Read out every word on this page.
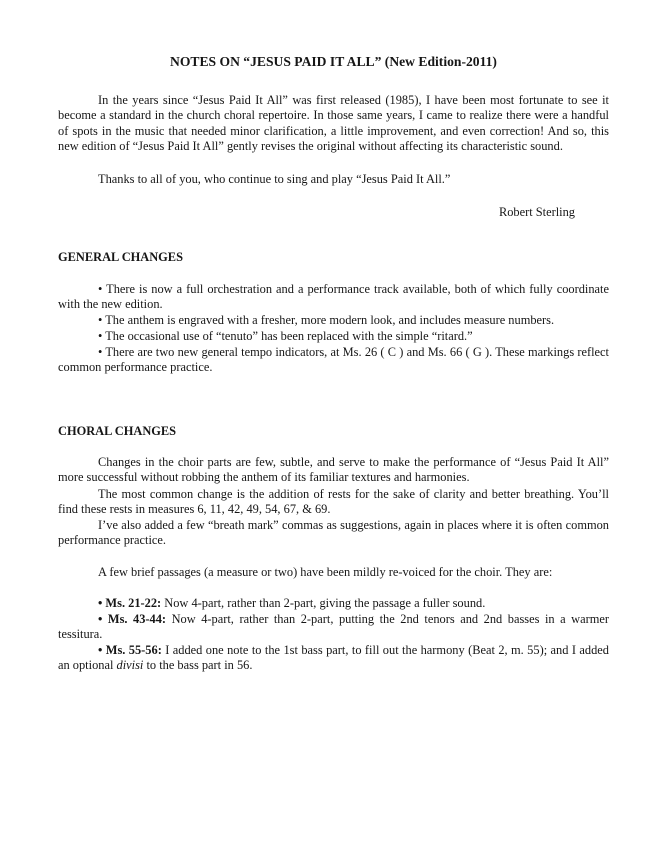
NOTES ON “JESUS PAID IT ALL” (New Edition-2011)

In the years since “Jesus Paid It All” was first released (1985), I have been most fortunate to see it become a standard in the church choral repertoire. In those same years, I came to realize there were a handful of spots in the music that needed minor clarification, a little improvement, and even correction! And so, this new edition of “Jesus Paid It All” gently revises the original without affecting its characteristic sound.

Thanks to all of you, who continue to sing and play “Jesus Paid It All.”

Robert Sterling

GENERAL CHANGES

• There is now a full orchestration and a performance track available, both of which fully coordinate with the new edition.

• The anthem is engraved with a fresher, more modern look, and includes measure numbers.

• The occasional use of “tenuto” has been replaced with the simple “ritard.”

• There are two new general tempo indicators, at Ms. 26 ( C ) and Ms. 66 ( G ). These markings reflect common performance practice.

CHORAL CHANGES

Changes in the choir parts are few, subtle, and serve to make the performance of “Jesus Paid It All” more successful without robbing the anthem of its familiar textures and harmonies.

The most common change is the addition of rests for the sake of clarity and better breathing. You’ll find these rests in measures 6, 11, 42, 49, 54, 67, & 69.

I’ve also added a few “breath mark” commas as suggestions, again in places where it is often common performance practice.

A few brief passages (a measure or two) have been mildly re-voiced for the choir. They are:

• Ms. 21-22: Now 4-part, rather than 2-part, giving the passage a fuller sound.

• Ms. 43-44: Now 4-part, rather than 2-part, putting the 2nd tenors and 2nd basses in a warmer tessitura.

• Ms. 55-56: I added one note to the 1st bass part, to fill out the harmony (Beat 2, m. 55); and I added an optional divisi to the bass part in 56.
